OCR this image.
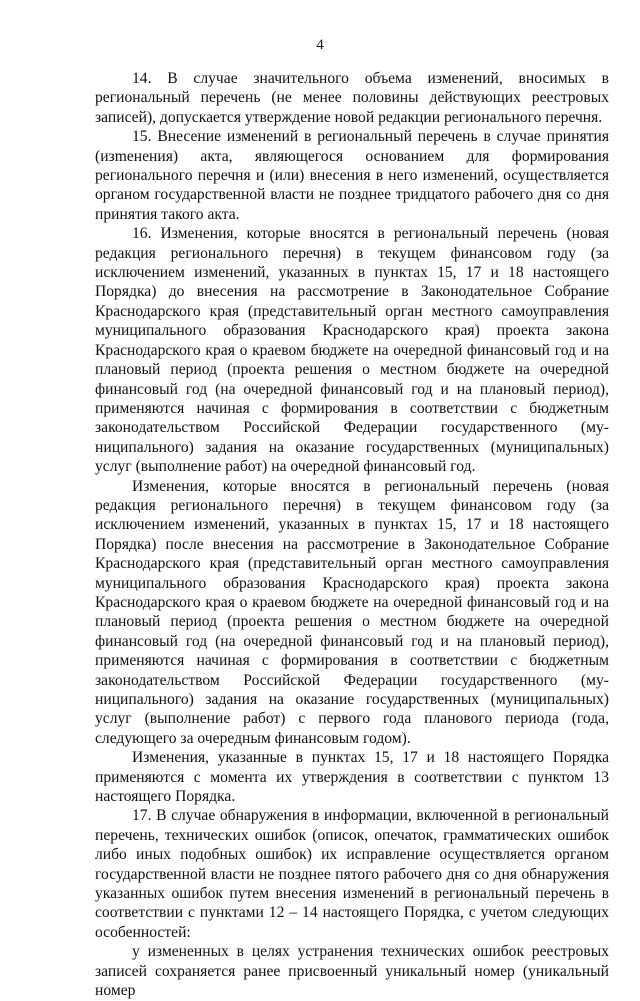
4

14. В случае значительного объема изменений, вносимых в региональный перечень (не менее половины действующих реестровых записей), допускается утверждение новой редакции регионального перечня.

15. Внесение изменений в региональный перечень в случае принятия (изmенения) акта, являющегося основанием для формирования регионального перечня и (или) внесения в него изменений, осуществляется органом государственной власти не позднее тридцатого рабочего дня со дня принятия такого акта.

16. Изменения, которые вносятся в региональный перечень (новая редакция регионального перечня) в текущем финансовом году (за исключением изменений, указанных в пунктах 15, 17 и 18 настоящего Порядка) до внесения на рассмотрение в Законодательное Собрание Краснодарского края (представительный орган местного самоуправления муниципального образования Краснодарского края) проекта закона Краснодарского края о краевом бюджете на очередной финансовый год и на плановый период (проекта решения о местном бюджете на очередной финансовый год (на очередной финансовый год и на плановый период), применяются начиная с формирования в соответствии с бюджетным законодательством Российской Федерации государственного (муниципального) задания на оказание государственных (муниципальных) услуг (выполнение работ) на очередной финансовый год.

Изменения, которые вносятся в региональный перечень (новая редакция регионального перечня) в текущем финансовом году (за исключением изменений, указанных в пунктах 15, 17 и 18 настоящего Порядка) после внесения на рассмотрение в Законодательное Собрание Краснодарского края (представительный орган местного самоуправления муниципального образования Краснодарского края) проекта закона Краснодарского края о краевом бюджете на очередной финансовый год и на плановый период (проекта решения о местном бюджете на очередной финансовый год (на очередной финансовый год и на плановый период), применяются начиная с формирования в соответствии с бюджетным законодательством Российской Федерации государственного (муниципального) задания на оказание государственных (муниципальных) услуг (выполнение работ) с первого года планового периода (года, следующего за очередным финансовым годом).

Изменения, указанные в пунктах 15, 17 и 18 настоящего Порядка применяются с момента их утверждения в соответствии с пунктом 13 настоящего Порядка.

17. В случае обнаружения в информации, включенной в региональный перечень, технических ошибок (описок, опечаток, грамматических ошибок либо иных подобных ошибок) их исправление осуществляется органом государственной власти не позднее пятого рабочего дня со дня обнаружения указанных ошибок путем внесения изменений в региональный перечень в соответствии с пунктами 12 – 14 настоящего Порядка, с учетом следующих особенностей:

у измененных в целях устранения технических ошибок реестровых записей сохраняется ранее присвоенный уникальный номер (уникальный номер
